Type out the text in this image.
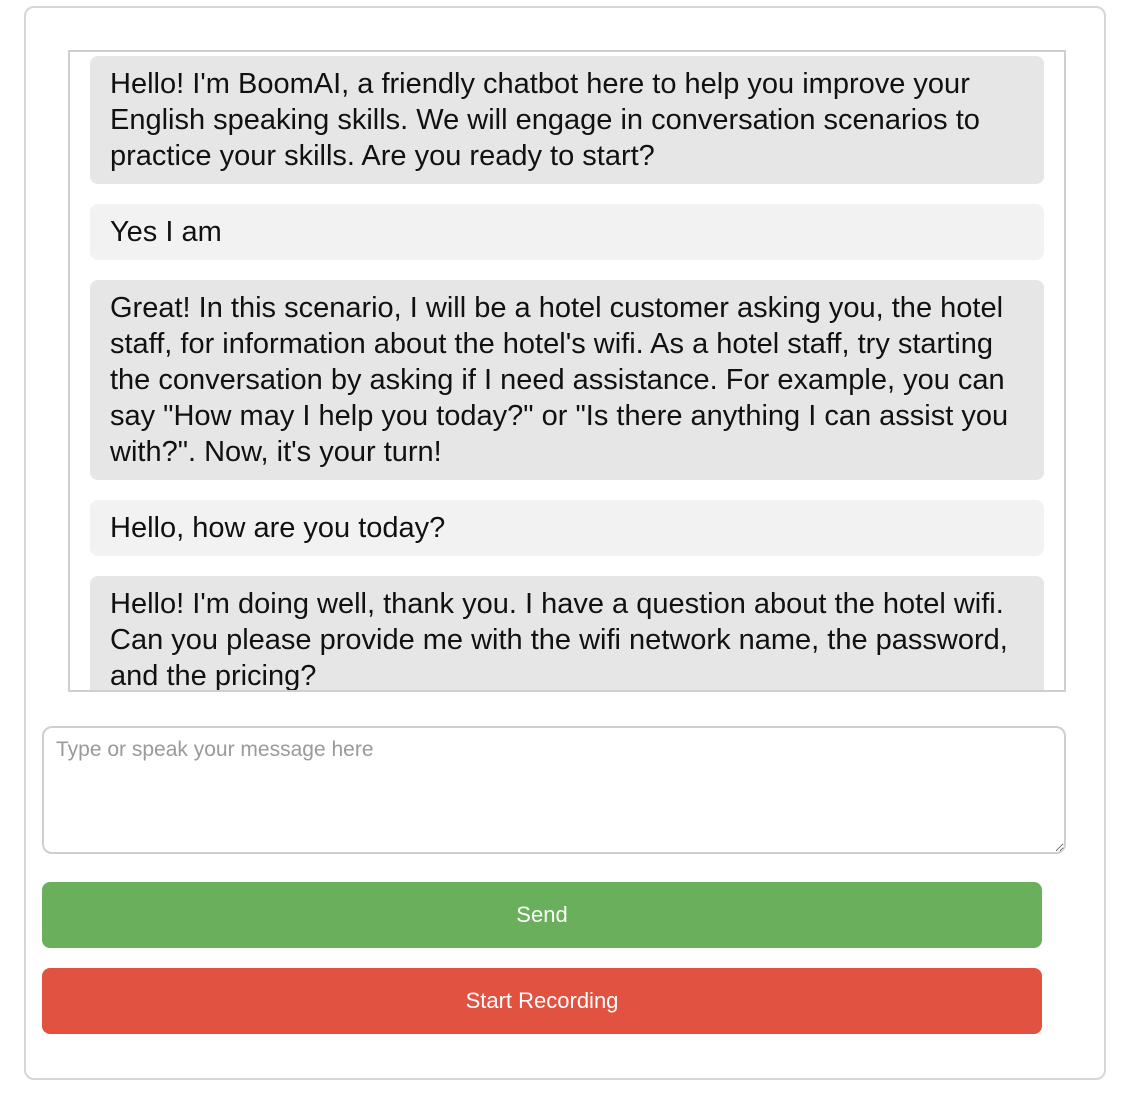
Hello! I'm BoomAI, a friendly chatbot here to help you improve your English speaking skills. We will engage in conversation scenarios to practice your skills. Are you ready to start?
Yes I am
Great! In this scenario, I will be a hotel customer asking you, the hotel staff, for information about the hotel's wifi. As a hotel staff, try starting the conversation by asking if I need assistance. For example, you can say "How may I help you today?" or "Is there anything I can assist you with?". Now, it's your turn!
Hello, how are you today?
Hello! I'm doing well, thank you. I have a question about the hotel wifi. Can you please provide me with the wifi network name, the password, and the pricing?
Type or speak your message here
Send
Start Recording
